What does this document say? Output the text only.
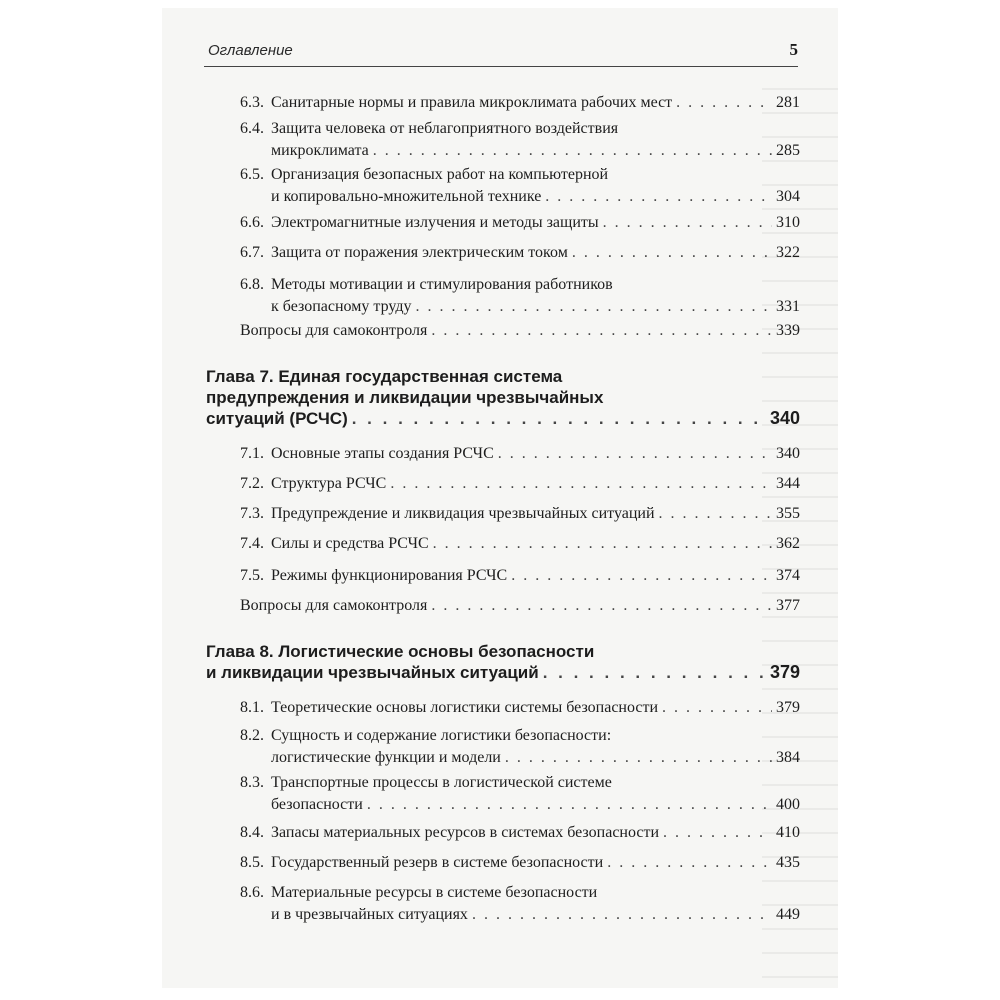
Оглавление	5
6.3. Санитарные нормы и правила микроклимата рабочих мест . . .	281
6.4. Защита человека от неблагоприятного воздействия
микроклимата . . .	285
6.5. Организация безопасных работ на компьютерной
и копировально-множительной технике . . .	304
6.6. Электромагнитные излучения и методы защиты . . .	310
6.7. Защита от поражения электрическим током . . .	322
6.8. Методы мотивации и стимулирования работников
к безопасному труду . . .	331
Вопросы для самоконтроля . . .	339
Глава 7. Единая государственная система
предупреждения и ликвидации чрезвычайных
ситуаций (РСЧС) . . .	340
7.1. Основные этапы создания РСЧС . . .	340
7.2. Структура РСЧС . . .	344
7.3. Предупреждение и ликвидация чрезвычайных ситуаций . . .	355
7.4. Силы и средства РСЧС . . .	362
7.5. Режимы функционирования РСЧС . . .	374
Вопросы для самоконтроля . . .	377
Глава 8. Логистические основы безопасности
и ликвидации чрезвычайных ситуаций . . .	379
8.1. Теоретические основы логистики системы безопасности . . .	379
8.2. Сущность и содержание логистики безопасности:
логистические функции и модели . . .	384
8.3. Транспортные процессы в логистической системе
безопасности . . .	400
8.4. Запасы материальных ресурсов в системах безопасности . . .	410
8.5. Государственный резерв в системе безопасности . . .	435
8.6. Материальные ресурсы в системе безопасности
и в чрезвычайных ситуациях . . .	449
